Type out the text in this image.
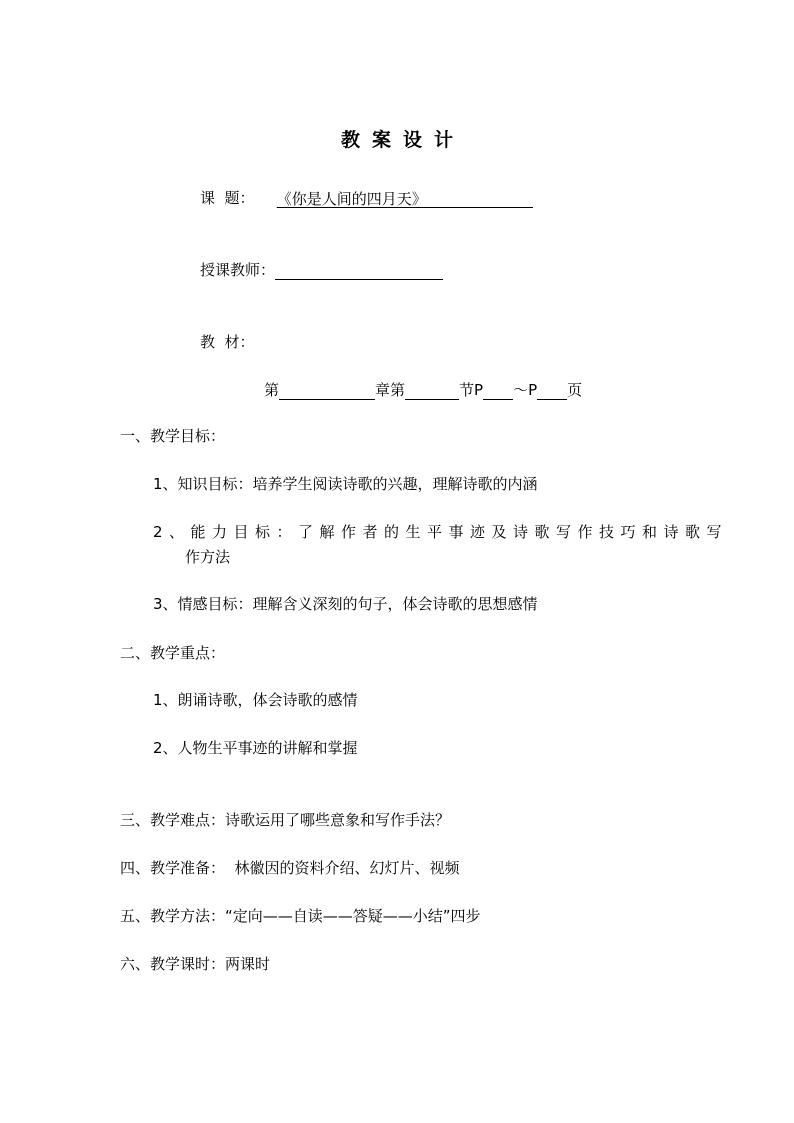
教案设计
课  题： 《你是人间的四月天》
授课教师：
教  材：
第	章第	节P ～P 页
一、教学目标：
1、知识目标：培养学生阅读诗歌的兴趣，理解诗歌的内涵
2、能力目标：了解作者的生平事迹及诗歌写作技巧和诗歌写
作方法
3、情感目标：理解含义深刻的句子，体会诗歌的思想感情
二、教学重点：
1、朗诵诗歌，体会诗歌的感情
2、人物生平事迹的讲解和掌握
三、教学难点：诗歌运用了哪些意象和写作手法？
四、教学准备：  林徽因的资料介绍、幻灯片、视频
五、教学方法：“定向——自读——答疑——小结”四步
六、教学课时：两课时
